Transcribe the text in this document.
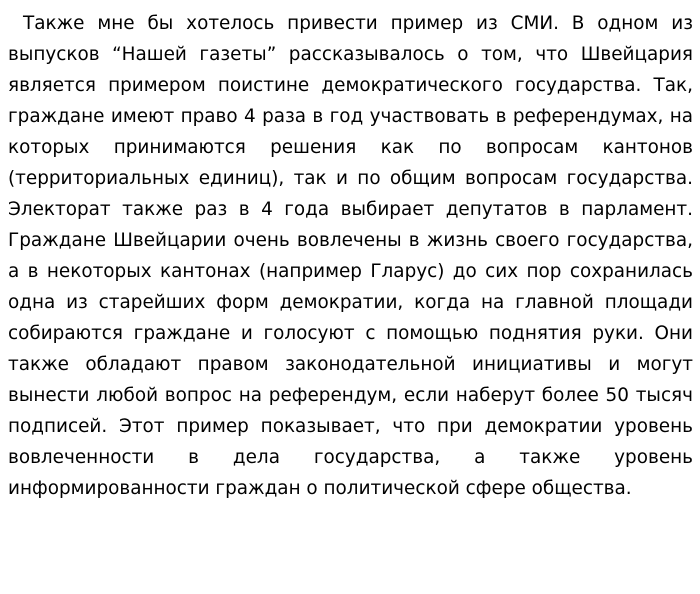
Также мне бы хотелось привести пример из СМИ. В одном из выпусков “Нашей газеты” рассказывалось о том, что Швейцария является примером поистине демократического государства. Так, граждане имеют право 4 раза в год участвовать в референдумах, на которых принимаются решения как по вопросам кантонов (территориальных единиц), так и по общим вопросам государства. Электорат также раз в 4 года выбирает депутатов в парламент. Граждане Швейцарии очень вовлечены в жизнь своего государства, а в некоторых кантонах (например Гларус) до сих пор сохранилась одна из старейших форм демократии, когда на главной площади собираются граждане и голосуют с помощью поднятия руки. Они также обладают правом законодательной инициативы и могут вынести любой вопрос на референдум, если наберут более 50 тысяч подписей. Этот пример показывает, что при демократии уровень вовлеченности в дела государства, а также уровень информированности граждан о политической сфере общества.
